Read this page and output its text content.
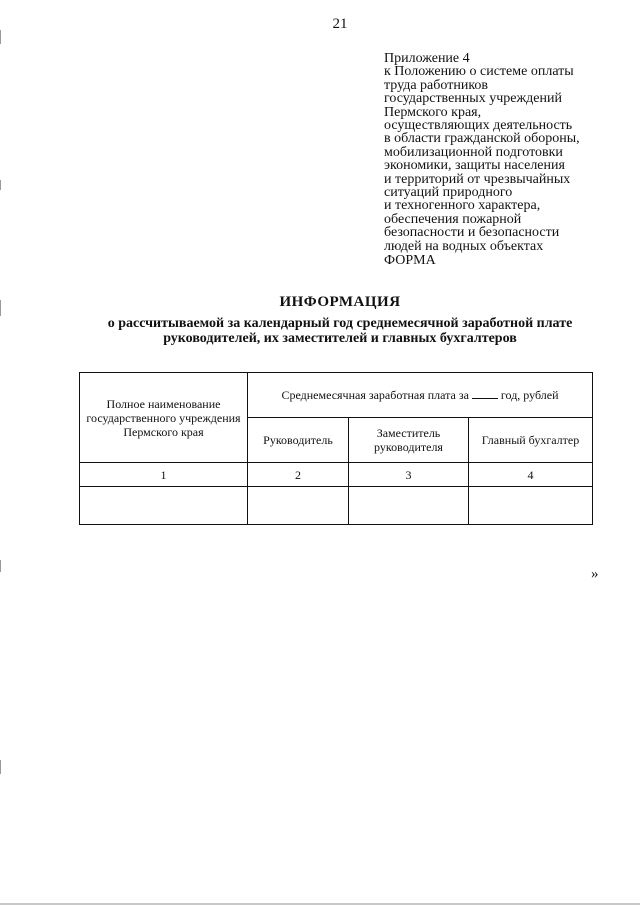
21
Приложение 4
к Положению о системе оплаты
труда работников
государственных учреждений
Пермского края,
осуществляющих деятельность
в области гражданской обороны,
мобилизационной подготовки
экономики, защиты населения
и территорий от чрезвычайных
ситуаций природного
и техногенного характера,
обеспечения пожарной
безопасности и безопасности
людей на водных объектах
ФОРМА
ИНФОРМАЦИЯ
о рассчитываемой за календарный год среднемесячной заработной плате
руководителей, их заместителей и главных бухгалтеров
Полное наименование государственного учреждения Пермского края	Среднемесячная заработная плата за год, рублей		
	Руководитель	Заместитель руководителя	Главный бухгалтер
1	2	3	4

»
